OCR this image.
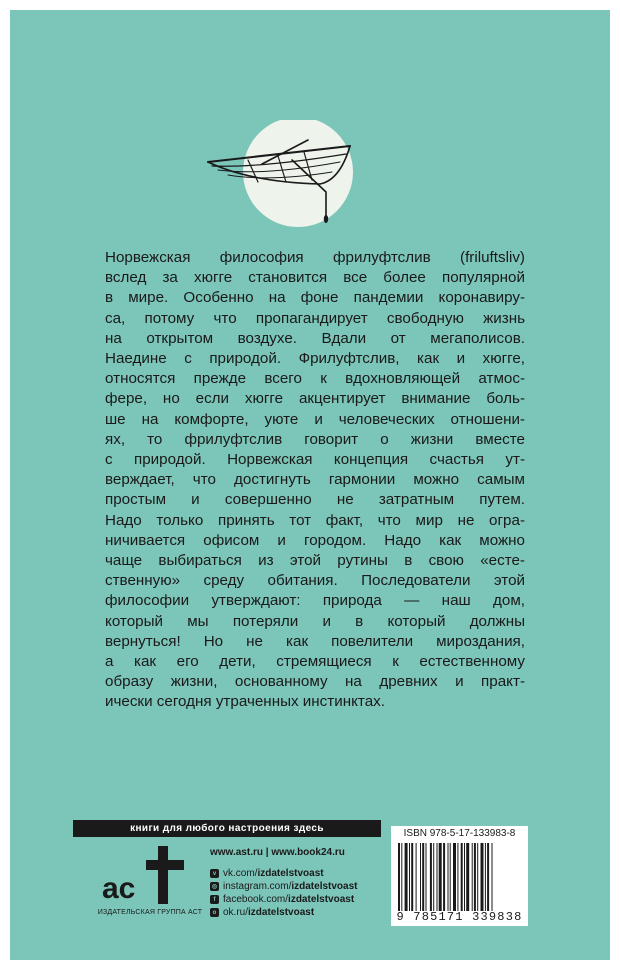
Норвежская философия фрилуфтслив (friluftsliv)
вслед за хюгге становится все более популярной
в мире. Особенно на фоне пандемии коронавиру-
са, потому что пропагандирует свободную жизнь
на открытом воздухе. Вдали от мегаполисов.
Наедине с природой. Фрилуфтслив, как и хюгге,
относятся прежде всего к вдохновляющей атмос-
фере, но если хюгге акцентирует внимание боль-
ше на комфорте, уюте и человеческих отношени-
ях, то фрилуфтслив говорит о жизни вместе
с природой. Норвежская концепция счастья ут-
верждает, что достигнуть гармонии можно самым
простым и совершенно не затратным путем.
Надо только принять тот факт, что мир не огра-
ничивается офисом и городом. Надо как можно
чаще выбираться из этой рутины в свою «есте-
ственную» среду обитания. Последователи этой
философии утверждают: природа — наш дом,
который мы потеряли и в который должны
вернуться! Но не как повелители мироздания,
а как его дети, стремящиеся к естественному
образу жизни, основанному на древних и практ-
ически сегодня утраченных инстинктах.
книги для любого настроения здесь
ас
ИЗДАТЕЛЬСКАЯ ГРУППА АСТ
www.ast.ru | www.book24.ru
v vk.com/ izdatelstvoast
◎ instagram.com/ izdatelstvoast
f facebook.com/ izdatelstvoast
o ok.ru/ izdatelstvoast
ISBN 978-5-17-133983-8
9 785171 339838
